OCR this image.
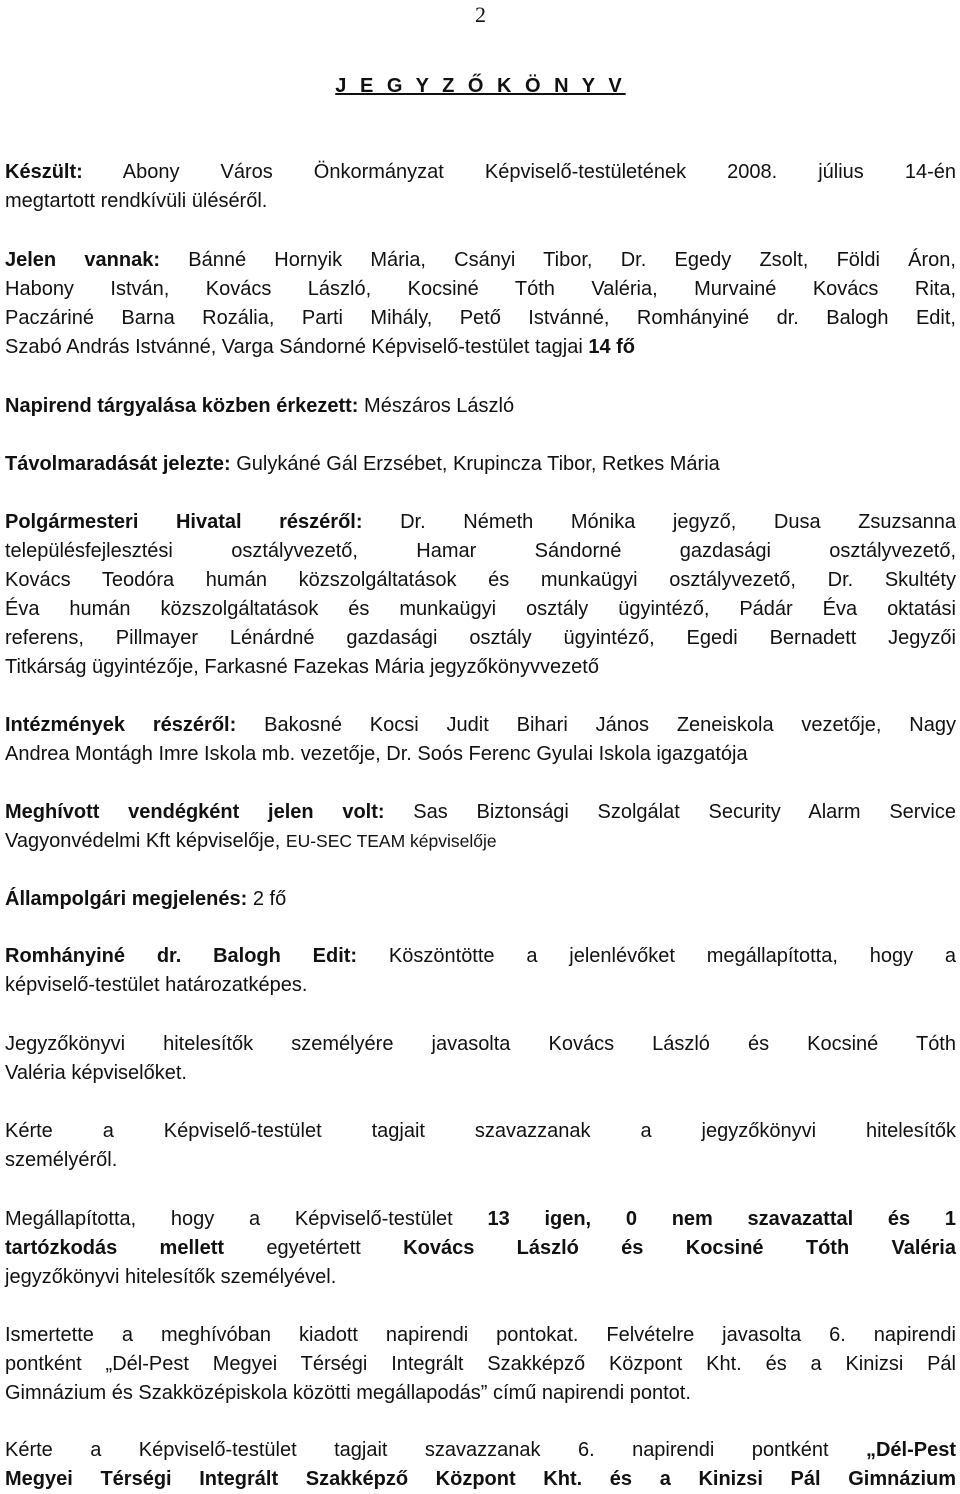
2
J E G Y Z Ő K Ö N Y V
Készült: Abony Város Önkormányzat Képviselő-testületének 2008. július 14-én
megtartott rendkívüli üléséről.
Jelen vannak: Bánné Hornyik Mária, Csányi Tibor, Dr. Egedy Zsolt, Földi Áron,
Habony István, Kovács László, Kocsiné Tóth Valéria, Murvainé Kovács Rita,
Paczáriné Barna Rozália, Parti Mihály, Pető Istvánné, Romhányiné dr. Balogh Edit,
Szabó András Istvánné, Varga Sándorné Képviselő-testület tagjai 14 fő
Napirend tárgyalása közben érkezett: Mészáros László
Távolmaradását jelezte: Gulykáné Gál Erzsébet, Krupincza Tibor, Retkes Mária
Polgármesteri Hivatal részéről: Dr. Németh Mónika jegyző, Dusa Zsuzsanna
településfejlesztési osztályvezető, Hamar Sándorné gazdasági osztályvezető,
Kovács Teodóra humán közszolgáltatások és munkaügyi osztályvezető, Dr. Skultéty
Éva humán közszolgáltatások és munkaügyi osztály ügyintéző, Pádár Éva oktatási
referens, Pillmayer Lénárdné gazdasági osztály ügyintéző, Egedi Bernadett Jegyzői
Titkárság ügyintézője, Farkasné Fazekas Mária jegyzőkönyvvezető
Intézmények részéről: Bakosné Kocsi Judit Bihari János Zeneiskola vezetője, Nagy
Andrea Montágh Imre Iskola mb. vezetője, Dr. Soós Ferenc Gyulai Iskola igazgatója
Meghívott vendégként jelen volt: Sas Biztonsági Szolgálat Security Alarm Service
Vagyonvédelmi Kft képviselője, EU-SEC TEAM képviselője
Állampolgári megjelenés: 2 fő
Romhányiné dr. Balogh Edit: Köszöntötte a jelenlévőket megállapította, hogy a
képviselő-testület határozatképes.
Jegyzőkönyvi hitelesítők személyére javasolta Kovács László és Kocsiné Tóth
Valéria képviselőket.
Kérte a Képviselő-testület tagjait szavazzanak a jegyzőkönyvi hitelesítők
személyéről.
Megállapította, hogy a Képviselő-testület 13 igen, 0 nem szavazattal és 1
tartózkodás mellett egyetértett Kovács László és Kocsiné Tóth Valéria
jegyzőkönyvi hitelesítők személyével.
Ismertette a meghívóban kiadott napirendi pontokat. Felvételre javasolta 6. napirendi
pontként „Dél-Pest Megyei Térségi Integrált Szakképző Központ Kht. és a Kinizsi Pál
Gimnázium és Szakközépiskola közötti megállapodás” című napirendi pontot.
Kérte a Képviselő-testület tagjait szavazzanak 6. napirendi pontként „Dél-Pest
Megyei Térségi Integrált Szakképző Központ Kht. és a Kinizsi Pál Gimnázium
